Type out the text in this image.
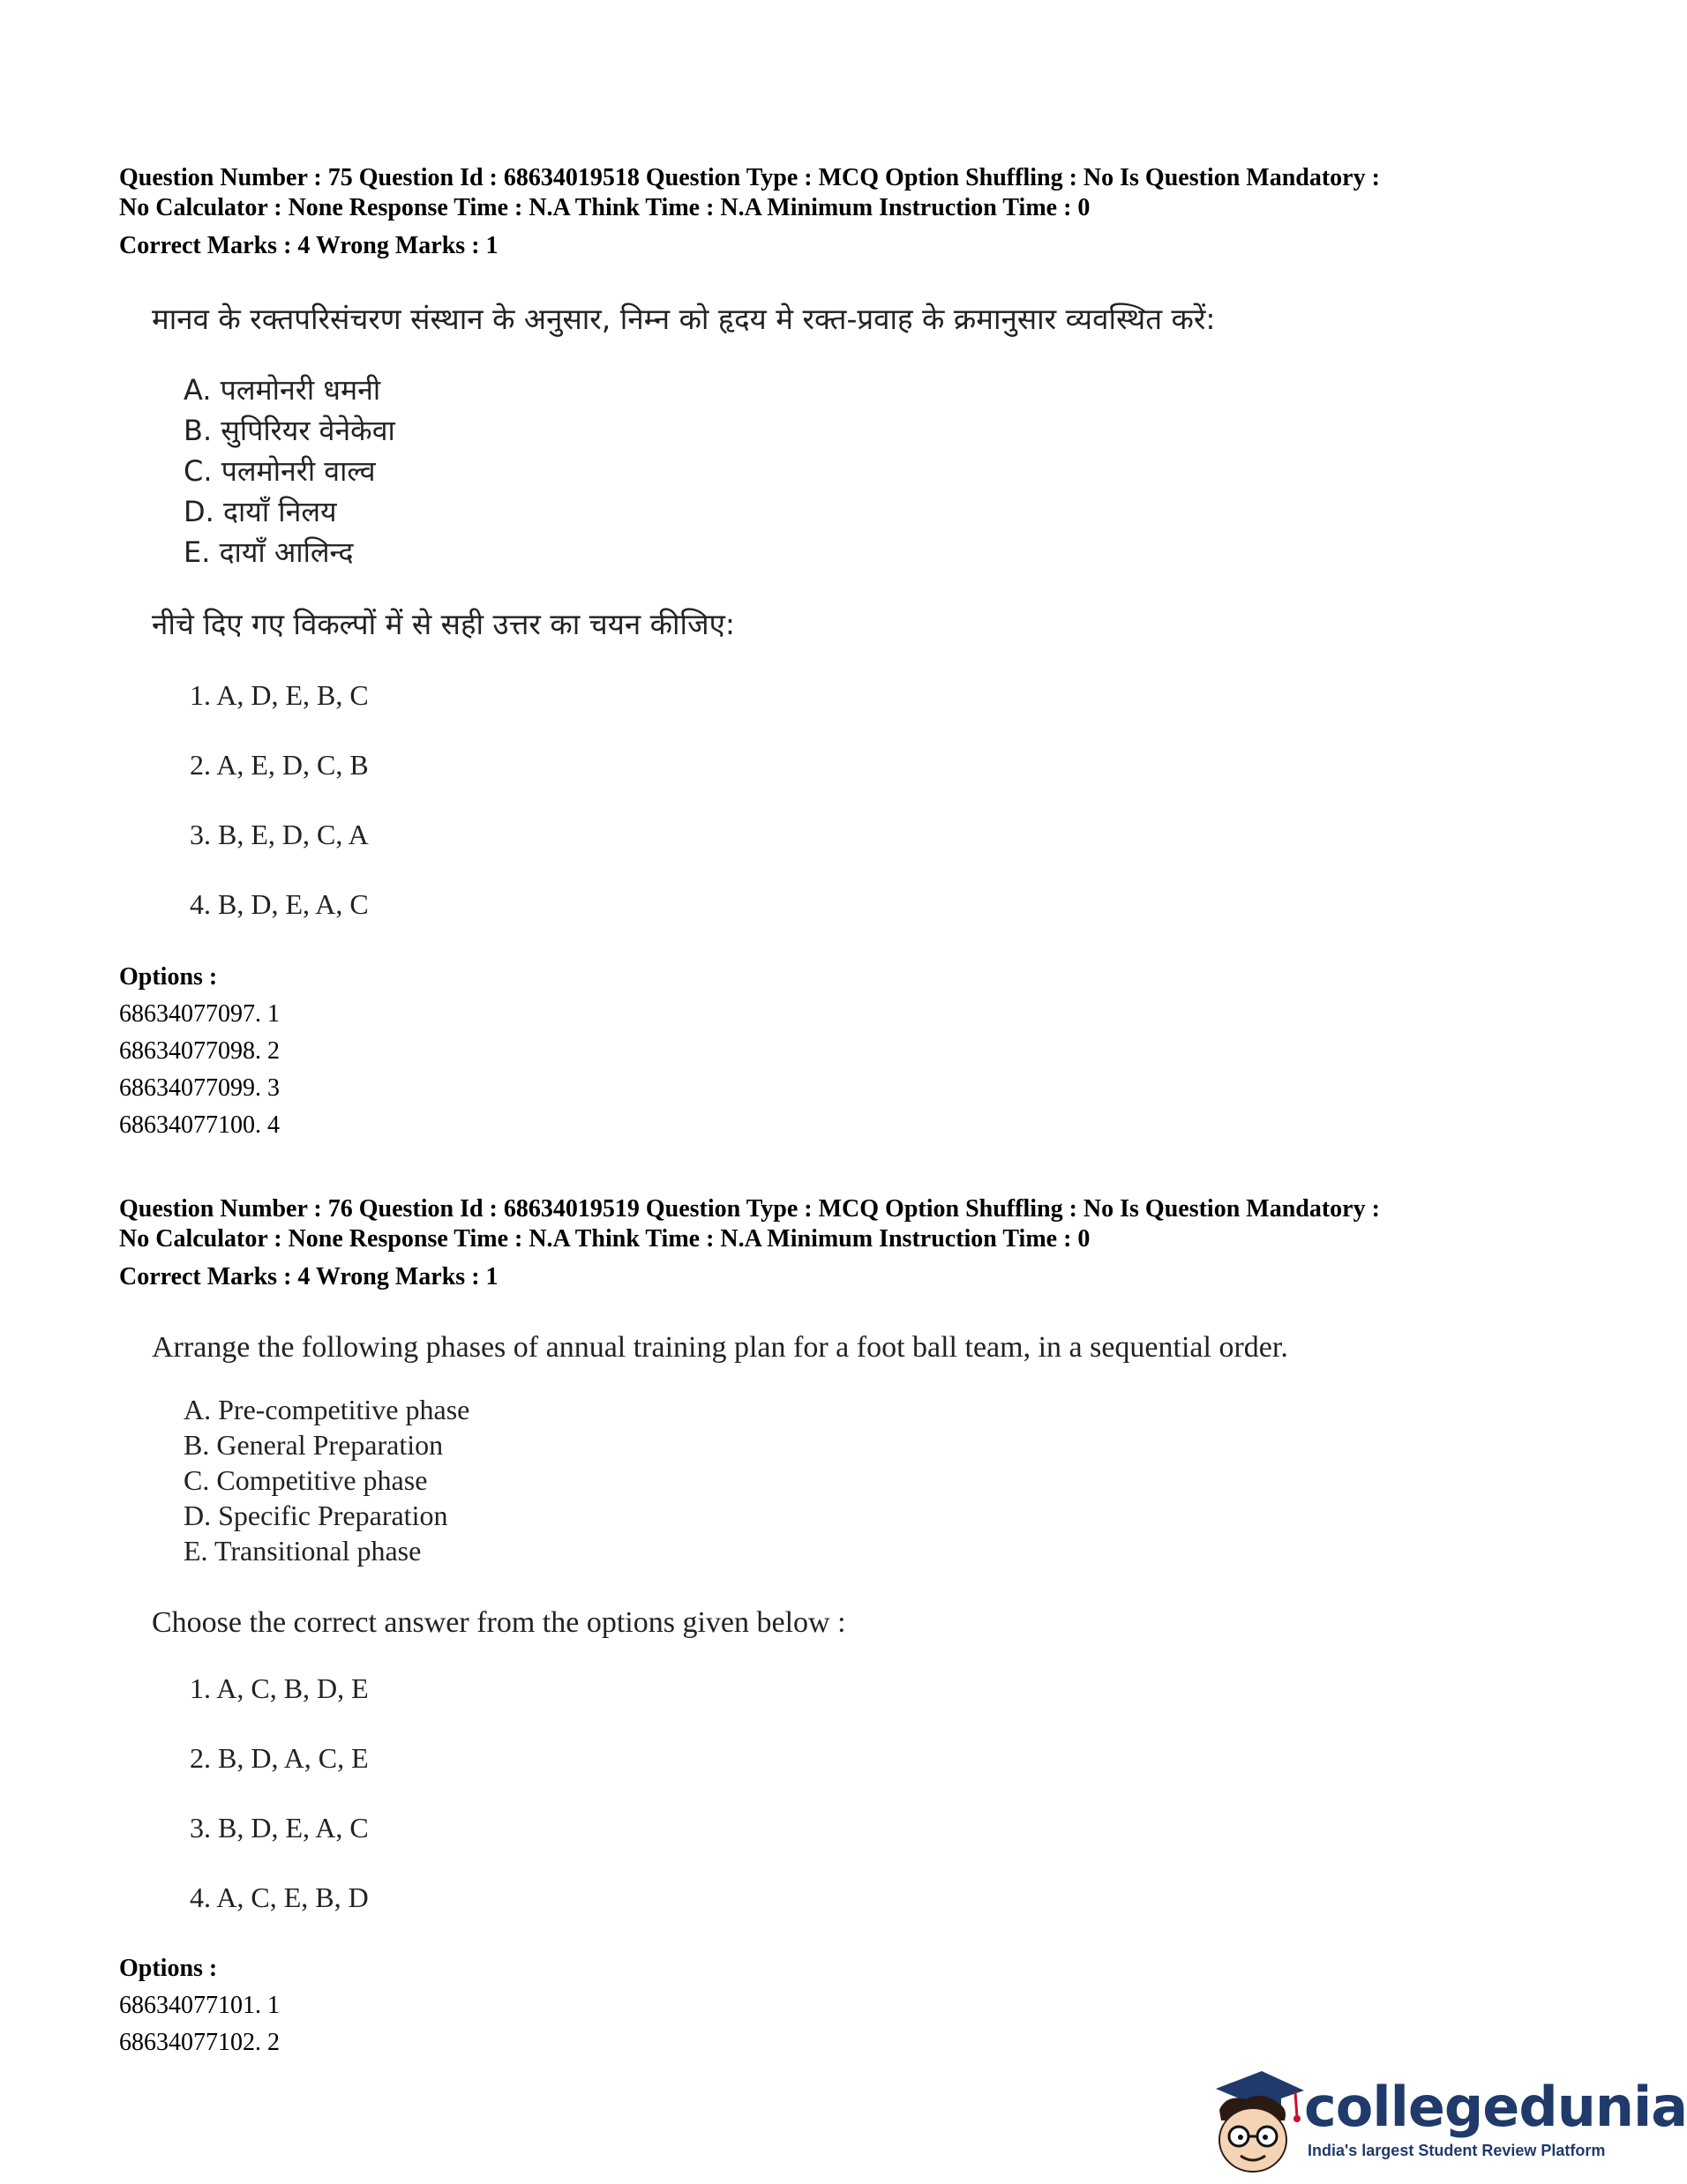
Question Number : 75 Question Id : 68634019518 Question Type : MCQ Option Shuffling : No Is Question Mandatory :
No Calculator : None Response Time : N.A Think Time : N.A Minimum Instruction Time : 0
Correct Marks : 4 Wrong Marks : 1
मानव के रक्तपरिसंचरण संस्थान के अनुसार, निम्न को हृदय मे रक्त-प्रवाह के क्रमानुसार व्यवस्थित करें:
A. पलमोनरी धमनी
B. सुपिरियर वेनेकेवा
C. पलमोनरी वाल्व
D. दायाँ निलय
E. दायाँ आलिन्द
नीचे दिए गए विकल्पों में से सही उत्तर का चयन कीजिए:
1. A, D, E, B, C
2. A, E, D, C, B
3. B, E, D, C, A
4. B, D, E, A, C
Options :
68634077097. 1
68634077098. 2
68634077099. 3
68634077100. 4
Question Number : 76 Question Id : 68634019519 Question Type : MCQ Option Shuffling : No Is Question Mandatory :
No Calculator : None Response Time : N.A Think Time : N.A Minimum Instruction Time : 0
Correct Marks : 4 Wrong Marks : 1
Arrange the following phases of annual training plan for a foot ball team, in a sequential order.
A. Pre-competitive phase
B. General Preparation
C. Competitive phase
D. Specific Preparation
E. Transitional phase
Choose the correct answer from the options given below :
1. A, C, B, D, E
2. B, D, A, C, E
3. B, D, E, A, C
4. A, C, E, B, D
Options :
68634077101. 1
68634077102. 2
collegedunia
India's largest Student Review Platform
